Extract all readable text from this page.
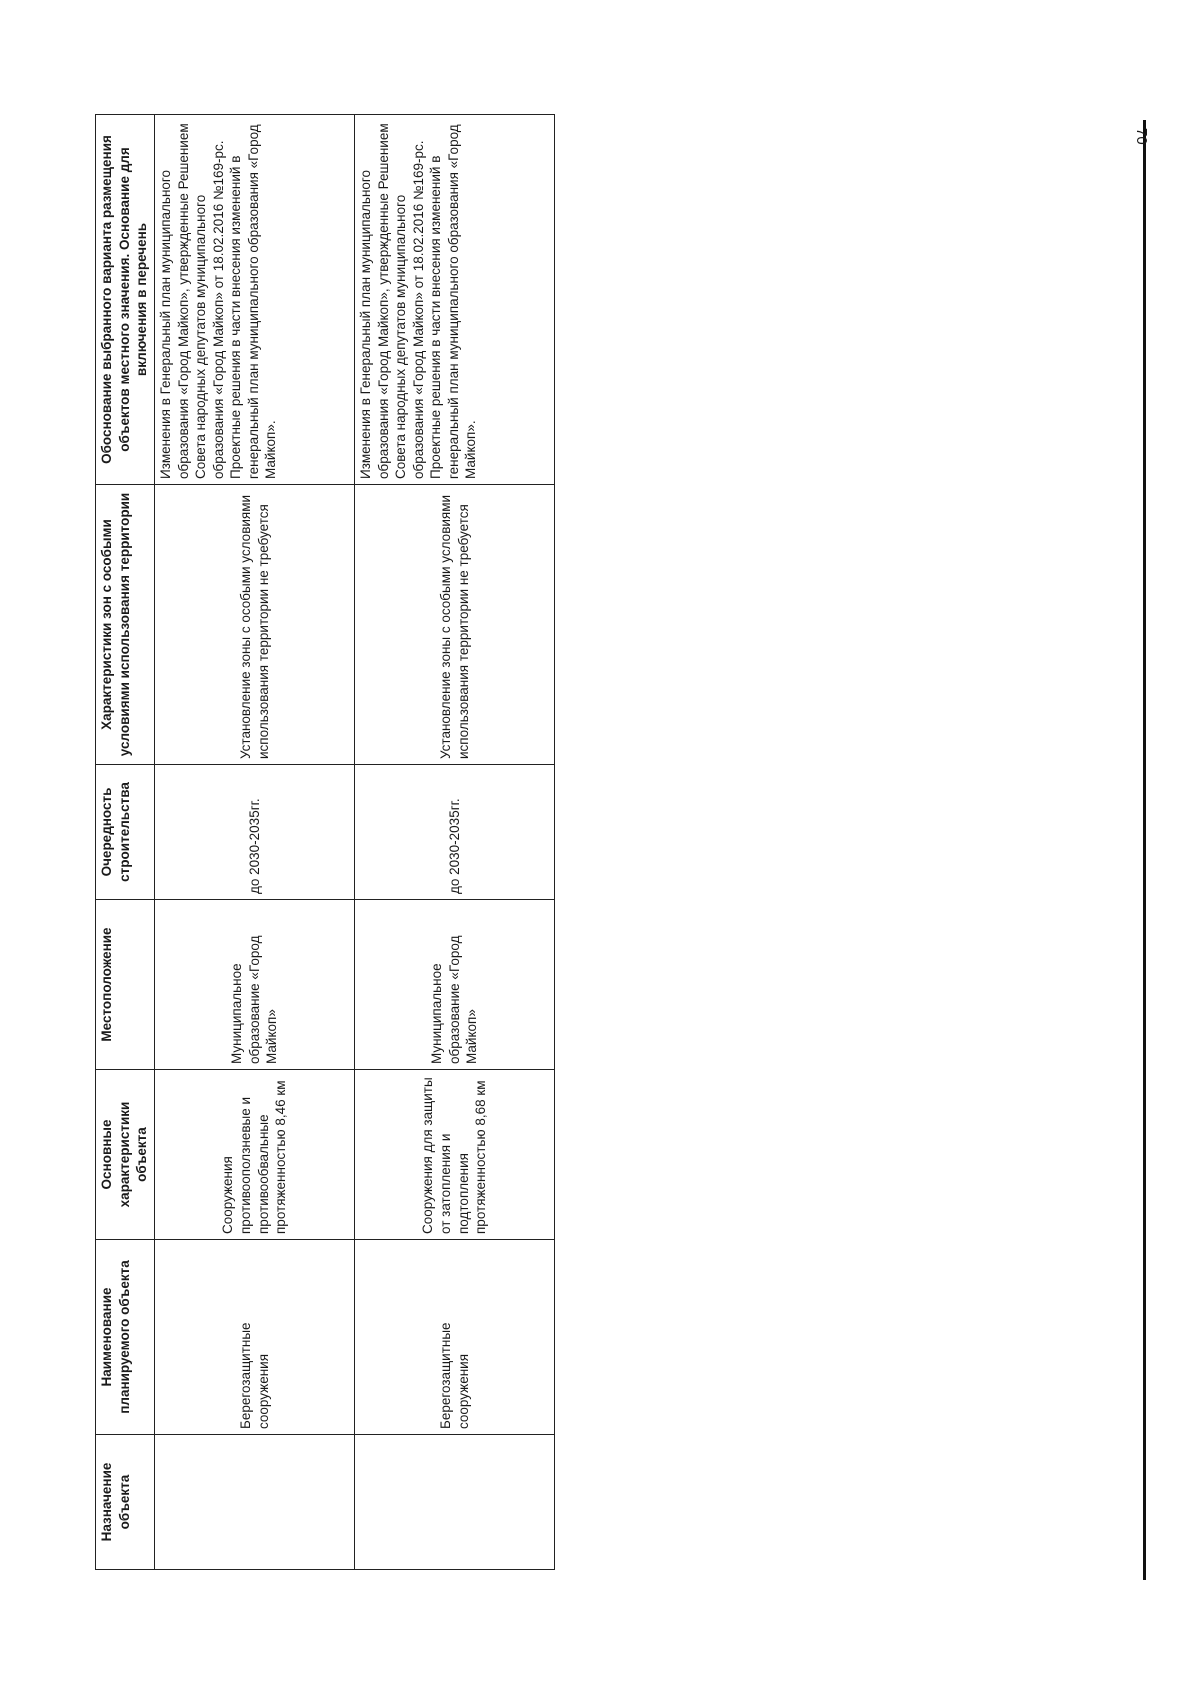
Назначение объекта	Наименование планируемого объекта	Основные характеристики объекта	Местоположение	Очередность строительства	Характеристики зон с особыми условиями использования территории	Обоснование выбранного варианта размещения объектов местного значения. Основание для включения в перечень
	Берегозащитные сооружения	Сооружения противооползневые и противообвальные протяженностью 8,46 км	Муниципальное образование «Город Майкоп»	до 2030-2035гг.	Установление зоны с особыми условиями использования территории не требуется	Изменения в Генеральный план муниципального образования «Город Майкоп», утвержденные Решением Совета народных депутатов муниципального образования «Город Майкоп» от 18.02.2016 №169-рс. Проектные решения в части внесения изменений в генеральный план муниципального образования «Город Майкоп».
	Берегозащитные сооружения	Сооружения для защиты от затопления и подтопления протяженностью 8,68 км	Муниципальное образование «Город Майкоп»	до 2030-2035гг.	Установление зоны с особыми условиями использования территории не требуется	Изменения в Генеральный план муниципального образования «Город Майкоп», утвержденные Решением Совета народных депутатов муниципального образования «Город Майкоп» от 18.02.2016 №169-рс. Проектные решения в части внесения изменений в генеральный план муниципального образования «Город Майкоп».
70
